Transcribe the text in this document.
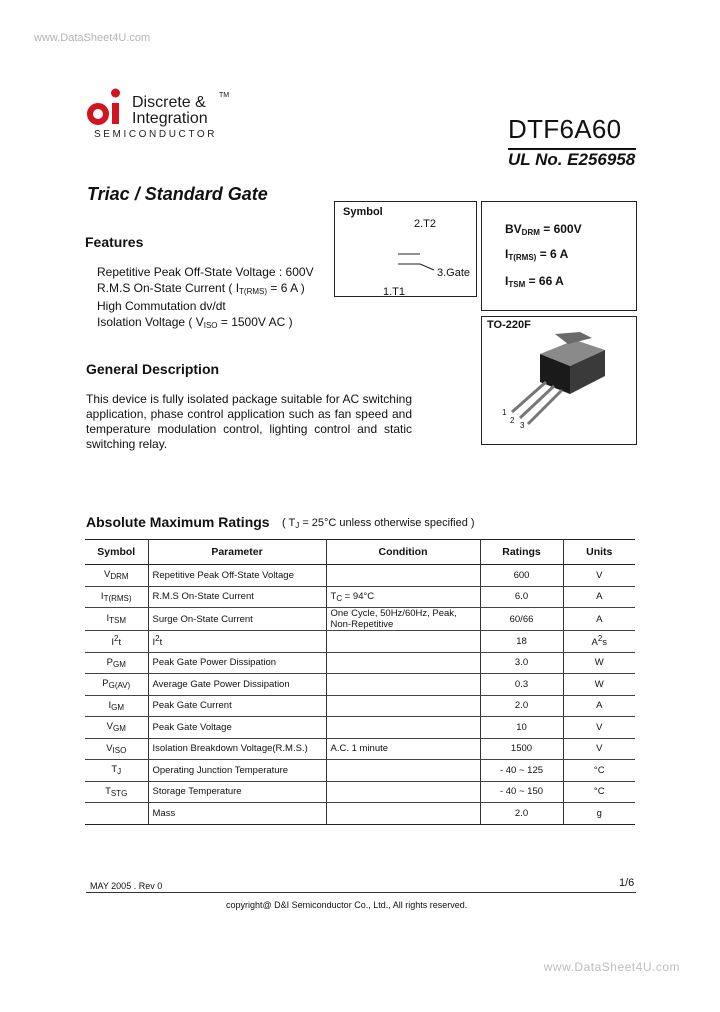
www.DataSheet4U.com
Discrete &
Integration
TM
SEMICONDUCTOR	DTF6A60
UL No. E256958
Triac / Standard Gate
Features
Repetitive Peak Off-State Voltage : 600V
R.M.S On-State Current ( $I_{T(RMS)} = 6$ A )
High Commutation dv/dt
Isolation Voltage ( $V_{ISO} = 1500V$ AC )
General Description
This device is fully isolated package suitable for AC switching application, phase control application such as fan speed and temperature modulation control, lighting control and static switching relay.
Symbol
2.T2
3.Gate
1.T1
$BV_{DRM} = 600V$
$I_{T(RMS)} = 6$ A
$I_{TSM} = 66$ A
TO-220F
1
2
3
Absolute Maximum Ratings ( $T_J = 25^\circ C$ unless otherwise specified )
Symbol	Parameter	Condition	Ratings	Units
$V_{DRM}$	Repetitive Peak Off-State Voltage		600	V
$I_{T(RMS)}$	R.M.S On-State Current	$T_C = 94^\circ C$	6.0	A
$I_{TSM}$	Surge On-State Current	One Cycle, 50Hz/60Hz, Peak, Non-Repetitive	60/66	A
$I^2t$	$I^2t$		18	$A^2s$
$P_{GM}$	Peak Gate Power Dissipation		3.0	W
$P_{G(AV)}$	Average Gate Power Dissipation		0.3	W
$I_{GM}$	Peak Gate Current		2.0	A
$V_{GM}$	Peak Gate Voltage		10	V
$V_{ISO}$	Isolation Breakdown Voltage(R.M.S.)	A.C. 1 minute	1500	V
$T_J$	Operating Junction Temperature		- 40 ~ 125	°C
$T_{STG}$	Storage Temperature		- 40 ~ 150	°C
	Mass		2.0	g
MAY 2005 . Rev 0	1/6
copyright@ D&I Semiconductor Co., Ltd., All rights reserved.
www.DataSheet4U.com
